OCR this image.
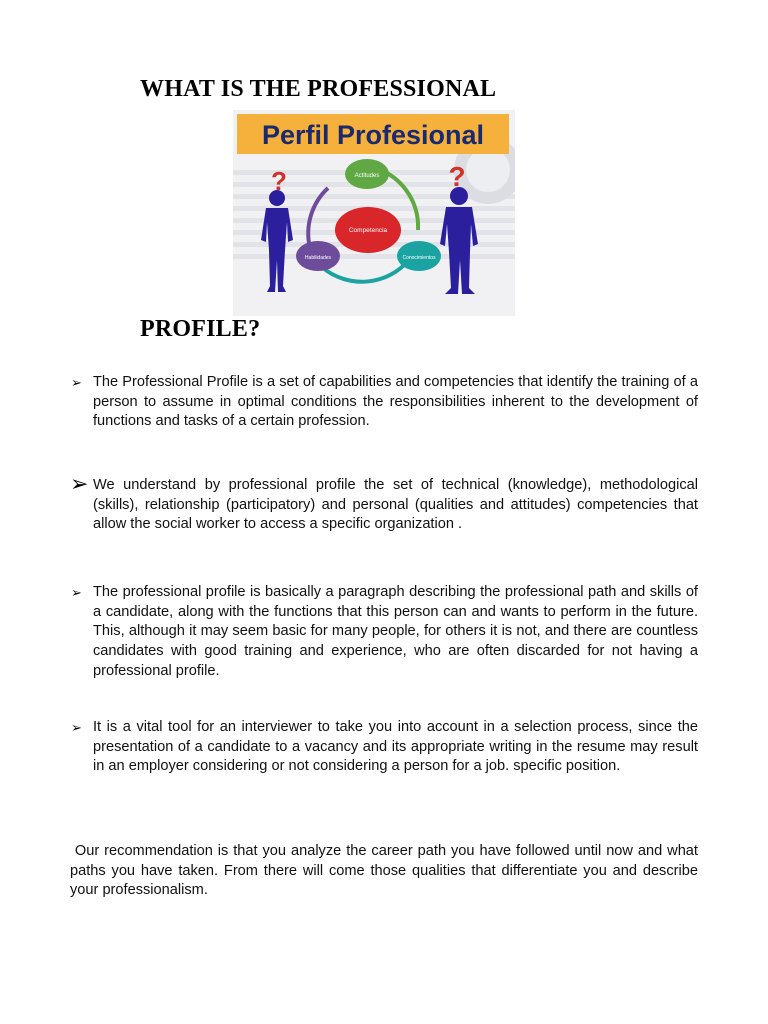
WHAT IS THE PROFESSIONAL
Perfil Profesional
Actitudes
Competencia
Habilidades	Conocimientos
?	?
PROFILE?
➢ The Professional Profile is a set of capabilities and competencies that identify the training of a person to assume in optimal conditions the responsibilities inherent to the development of functions and tasks of a certain profession.
➢ We understand by professional profile the set of technical (knowledge), methodological (skills), relationship (participatory) and personal (qualities and attitudes) competencies that allow the social worker to access a specific organization .
➢ The professional profile is basically a paragraph describing the professional path and skills of a candidate, along with the functions that this person can and wants to perform in the future. This, although it may seem basic for many people, for others it is not, and there are countless candidates with good training and experience, who are often discarded for not having a professional profile.
➢ It is a vital tool for an interviewer to take you into account in a selection process, since the presentation of a candidate to a vacancy and its appropriate writing in the resume may result in an employer considering or not considering a person for a job. specific position.
Our recommendation is that you analyze the career path you have followed until now and what paths you have taken. From there will come those qualities that differentiate you and describe your professionalism.
